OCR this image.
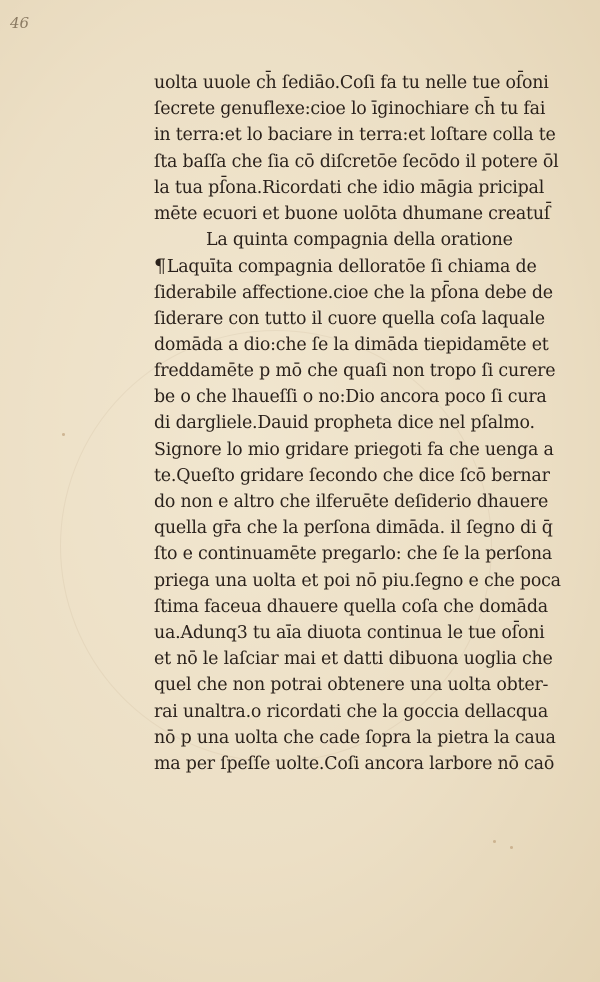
46
uolta uuole ch̄ ſediāo.Coſi fa tu nelle tue oſ̄oni
ſecrete genuflexe:cioe lo īginochiare ch̄ tu fai
in terra:et lo baciare in terra:et loſtare colla te
ſta baſſa che ſia cō diſcretōe ſecōdo il potere ōl
la tua pſ̄ona.Ricordati che idio māgia pricipal
mēte ecuori et buone uolōta dhumane creatuſ̄
La quinta compagnia della oratione
¶Laquīta compagnia delloratōe ſi chiama de
ſiderabile affectione.cioe che la pſ̄ona debe de
ſiderare con tutto il cuore quella coſa laquale
domāda a dio:che ſe la dimāda tiepidamēte et
freddamēte p mō che quaſi non tropo ſi curere
be o che lhaueſſi o no:Dio ancora poco ſi cura
di dargliele.Dauid propheta dice nel pſalmo.
Signore lo mio gridare priegoti fa che uenga a
te.Queſto gridare ſecondo che dice ſcō bernar
do non e altro che ilferuēte deſiderio dhauere
quella gr̄a che la perſona dimāda. il ſegno di q̄
ſto e continuamēte pregarlo: che ſe la perſona
priega una uolta et poi nō piu.ſegno e che poca
ſtima faceua dhauere quella coſa che domāda
ua.Adunq3 tu aīa diuota continua le tue oſ̄oni
et nō le laſciar mai et datti dibuona uoglia che
quel che non potrai obtenere una uolta obter-
rai unaltra.o ricordati che la goccia dellacqua
nō p una uolta che cade ſopra la pietra la caua
ma per ſpeſſe uolte.Coſi ancora larbore nō caō
